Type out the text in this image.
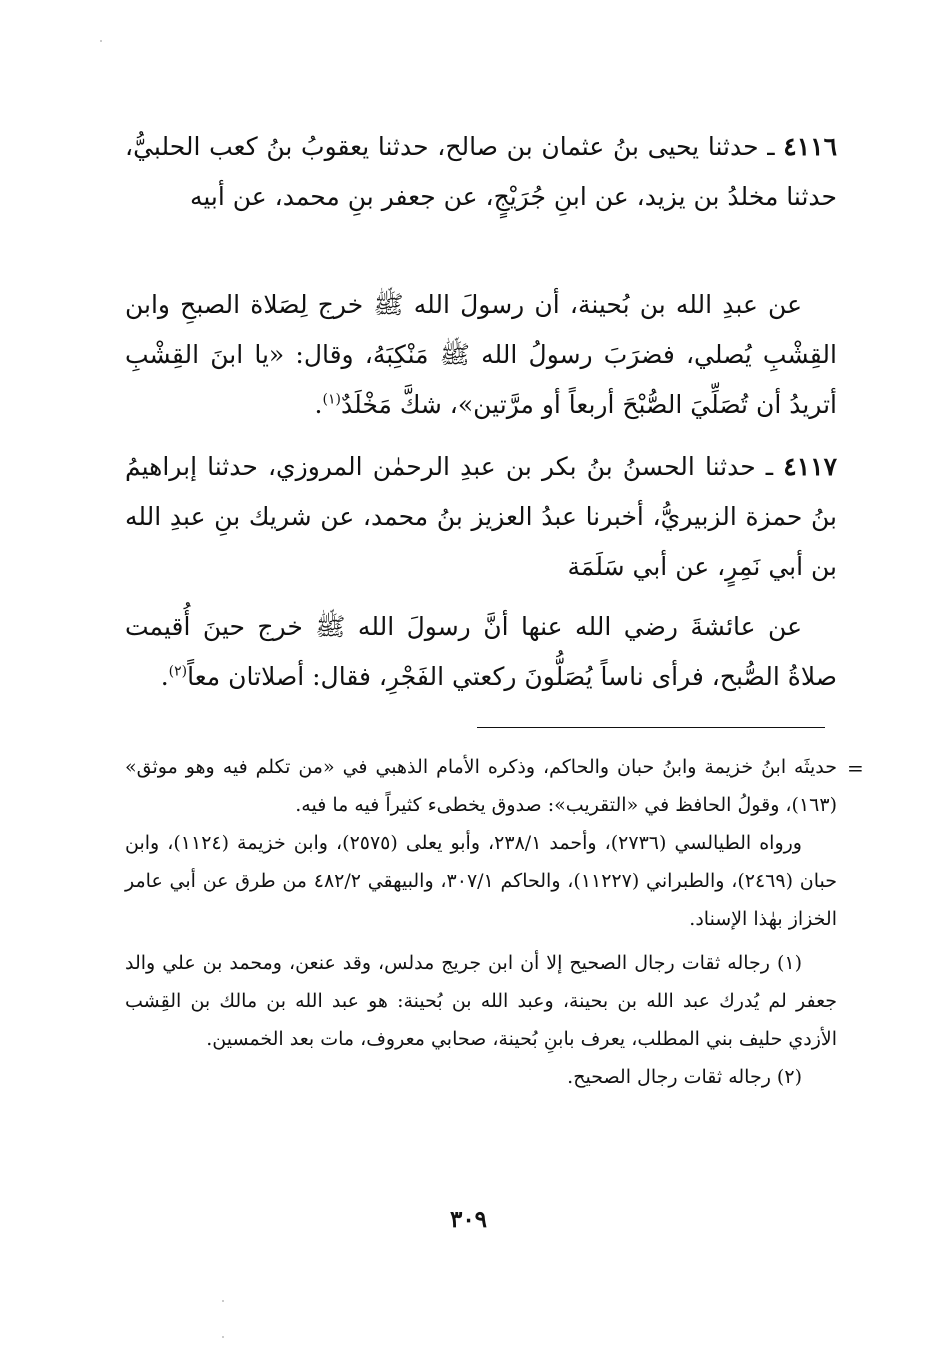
٤١١٦ ـ حدثنا يحيى بنُ عثمان بن صالح، حدثنا يعقوبُ بنُ كعب الحلبيُّ، حدثنا مخلدُ بن يزيد، عن ابنِ جُرَيْجٍ، عن جعفر بنِ محمد، عن أبيه

عن عبدِ الله بن بُحينة، أن رسولَ الله ﷺ خرج لِصَلاة الصبحِ وابن القِشْبِ يُصلي، فضرَبَ رسولُ الله ﷺ مَنْكِبَهُ، وقال: «يا ابنَ القِشْبِ أتريدُ أن تُصَلِّيَ الصُّبْحَ أربعاً أو مرَّتين»، شكَّ مَخْلَدٌ$^{(١)}$.

٤١١٧ ـ حدثنا الحسنُ بنُ بكر بن عبدِ الرحمٰن المروزي، حدثنا إبراهيمُ بنُ حمزة الزبيريُّ، أخبرنا عبدُ العزيز بنُ محمد، عن شريك بنِ عبدِ الله بن أبي نَمِرٍ، عن أبي سَلَمَة

عن عائشةَ رضي الله عنها أنَّ رسولَ الله ﷺ خرج حينَ أُقيمت صلاةُ الصُّبح، فرأى ناساً يُصَلُّونَ ركعتي الفَجْرِ، فقال: أصلاتان معاً$^{(٢)}$.

=

حديثَه ابنُ خزيمة وابنُ حبان والحاكم، وذكره الأمام الذهبي في «من تكلم فيه وهو موثق» (١٦٣)، وقولُ الحافظ في «التقريب»: صدوق يخطىء كثيراً فيه ما فيه.

ورواه الطيالسي (٢٧٣٦)، وأحمد ٢٣٨/١، وأبو يعلى (٢٥٧٥)، وابن خزيمة (١١٢٤)، وابن حبان (٢٤٦٩)، والطبراني (١١٢٢٧)، والحاكم ٣٠٧/١، والبيهقي ٤٨٢/٢ من طرق عن أبي عامر الخزاز بهٰذا الإسناد.

(١) رجاله ثقات رجال الصحيح إلا أن ابن جريج مدلس، وقد عنعن، ومحمد بن علي والد جعفر لم يُدرك عبد الله بن بحينة، وعبد الله بن بُحينة: هو عبد الله بن مالك بن القِشب الأزدي حليف بني المطلب، يعرف بابنِ بُحينة، صحابي معروف، مات بعد الخمسين.

(٢) رجاله ثقات رجال الصحيح.

٣٠٩
